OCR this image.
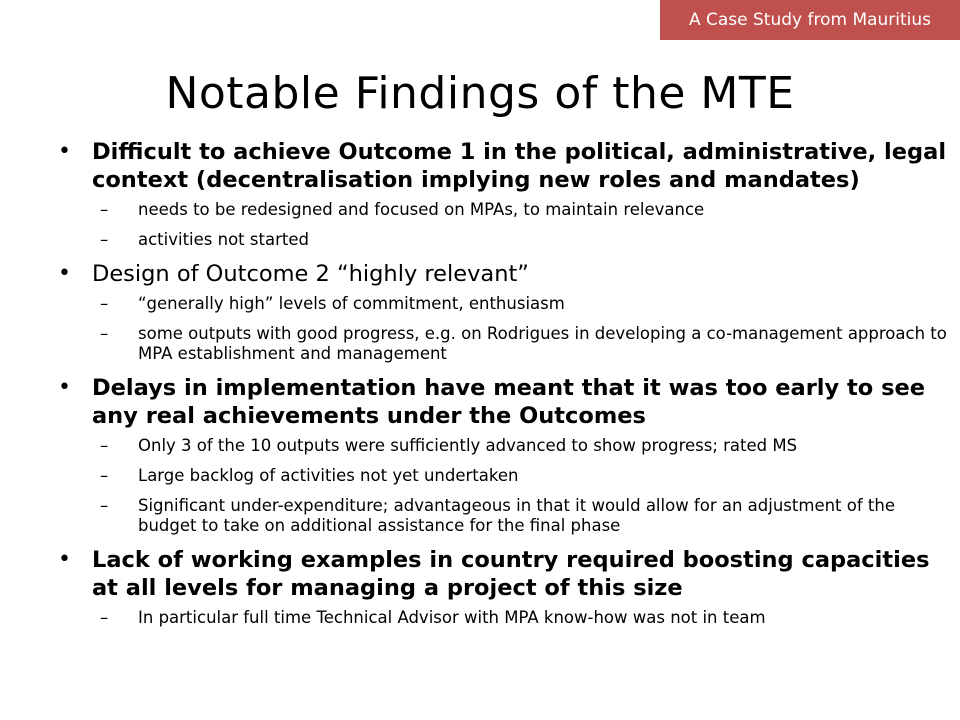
A Case Study from Mauritius
Notable Findings of the MTE
• Difficult to achieve Outcome 1 in the political, administrative, legal context (decentralisation implying new roles and mandates)
– needs to be redesigned and focused on MPAs, to maintain relevance
– activities not started
• Design of Outcome 2 “highly relevant”
– “generally high” levels of commitment, enthusiasm
– some outputs with good progress, e.g. on Rodrigues in developing a co-management approach to MPA establishment and management
• Delays in implementation have meant that it was too early to see any real achievements under the Outcomes
– Only 3 of the 10 outputs were sufficiently advanced to show progress; rated MS
– Large backlog of activities not yet undertaken
– Significant under-expenditure; advantageous in that it would allow for an adjustment of the budget to take on additional assistance for the final phase
• Lack of working examples in country required boosting capacities at all levels for managing a project of this size
– In particular full time Technical Advisor with MPA know-how was not in team
